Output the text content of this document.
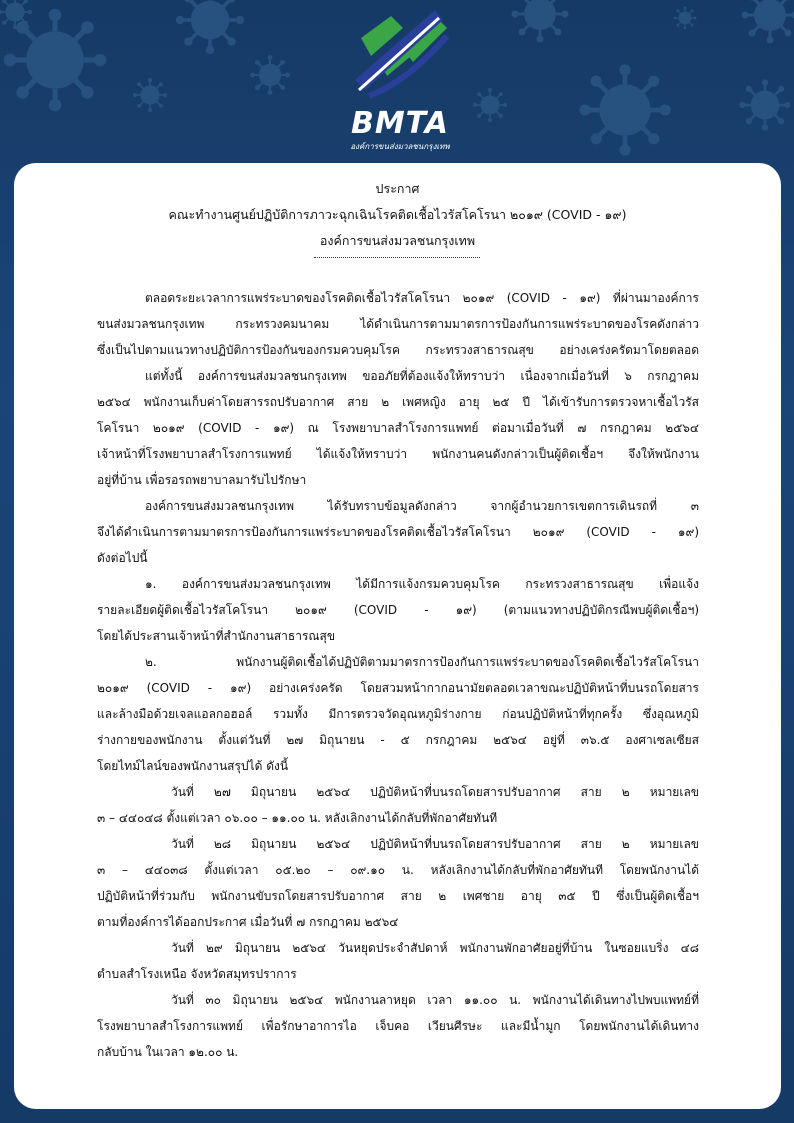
BMTA
องค์การขนส่งมวลชนกรุงเทพ
ประกาศ
คณะทำงานศูนย์ปฏิบัติการภาวะฉุกเฉินโรคติดเชื้อไวรัสโคโรนา ๒๐๑๙ (COVID - ๑๙)
องค์การขนส่งมวลชนกรุงเทพ
ตลอดระยะเวลาการแพร่ระบาดของโรคติดเชื้อไวรัสโคโรนา ๒๐๑๙ (COVID - ๑๙) ที่ผ่านมาองค์การ
ขนส่งมวลชนกรุงเทพ กระทรวงคมนาคม ได้ดำเนินการตามมาตรการป้องกันการแพร่ระบาดของโรคดังกล่าว
ซึ่งเป็นไปตามแนวทางปฏิบัติการป้องกันของกรมควบคุมโรค กระทรวงสาธารณสุข อย่างเคร่งครัดมาโดยตลอด
แต่ทั้งนี้ องค์การขนส่งมวลชนกรุงเทพ ขออภัยที่ต้องแจ้งให้ทราบว่า เนื่องจากเมื่อวันที่ ๖ กรกฎาคม
๒๕๖๔ พนักงานเก็บค่าโดยสารรถปรับอากาศ สาย ๒ เพศหญิง อายุ ๒๕ ปี ได้เข้ารับการตรวจหาเชื้อไวรัส
โคโรนา ๒๐๑๙ (COVID - ๑๙) ณ โรงพยาบาลสำโรงการแพทย์ ต่อมาเมื่อวันที่ ๗ กรกฎาคม ๒๕๖๔
เจ้าหน้าที่โรงพยาบาลสำโรงการแพทย์ ได้แจ้งให้ทราบว่า พนักงานคนดังกล่าวเป็นผู้ติดเชื้อฯ จึงให้พนักงาน
อยู่ที่บ้าน เพื่อรอรถพยาบาลมารับไปรักษา
องค์การขนส่งมวลชนกรุงเทพ ได้รับทราบข้อมูลดังกล่าว จากผู้อำนวยการเขตการเดินรถที่ ๓
จึงได้ดำเนินการตามมาตรการป้องกันการแพร่ระบาดของโรคติดเชื้อไวรัสโคโรนา ๒๐๑๙ (COVID - ๑๙)
ดังต่อไปนี้
๑. องค์การขนส่งมวลชนกรุงเทพ ได้มีการแจ้งกรมควบคุมโรค กระทรวงสาธารณสุข เพื่อแจ้ง
รายละเอียดผู้ติดเชื้อไวรัสโคโรนา ๒๐๑๙ (COVID - ๑๙) (ตามแนวทางปฏิบัติกรณีพบผู้ติดเชื้อฯ)
โดยได้ประสานเจ้าหน้าที่สำนักงานสาธารณสุข
๒. พนักงานผู้ติดเชื้อได้ปฏิบัติตามมาตรการป้องกันการแพร่ระบาดของโรคติดเชื้อไวรัสโคโรนา
๒๐๑๙ (COVID - ๑๙) อย่างเคร่งครัด โดยสวมหน้ากากอนามัยตลอดเวลาขณะปฏิบัติหน้าที่บนรถโดยสาร
และล้างมือด้วยเจลแอลกอฮอล์ รวมทั้ง มีการตรวจวัดอุณหภูมิร่างกาย ก่อนปฏิบัติหน้าที่ทุกครั้ง ซึ่งอุณหภูมิ
ร่างกายของพนักงาน ตั้งแต่วันที่ ๒๗ มิถุนายน - ๕ กรกฎาคม ๒๕๖๔ อยู่ที่ ๓๖.๕ องศาเซลเซียส
โดยไทม์ไลน์ของพนักงานสรุปได้ ดังนี้
วันที่ ๒๗ มิถุนายน ๒๕๖๔ ปฏิบัติหน้าที่บนรถโดยสารปรับอากาศ สาย ๒ หมายเลข
๓ – ๔๔๐๔๘ ตั้งแต่เวลา ๐๖.๐๐ – ๑๑.๐๐ น. หลังเลิกงานได้กลับที่พักอาศัยทันที
วันที่ ๒๘ มิถุนายน ๒๕๖๔ ปฏิบัติหน้าที่บนรถโดยสารปรับอากาศ สาย ๒ หมายเลข
๓ – ๔๔๐๓๘ ตั้งแต่เวลา ๐๕.๒๐ – ๐๙.๑๐ น. หลังเลิกงานได้กลับที่พักอาศัยทันที โดยพนักงานได้
ปฏิบัติหน้าที่ร่วมกับ พนักงานขับรถโดยสารปรับอากาศ สาย ๒ เพศชาย อายุ ๓๕ ปี ซึ่งเป็นผู้ติดเชื้อฯ
ตามที่องค์การได้ออกประกาศ เมื่อวันที่ ๗ กรกฎาคม ๒๕๖๔
วันที่ ๒๙ มิถุนายน ๒๕๖๔ วันหยุดประจำสัปดาห์ พนักงานพักอาศัยอยู่ที่บ้าน ในซอยแบริ่ง ๔๘
ตำบลสำโรงเหนือ จังหวัดสมุทรปราการ
วันที่ ๓๐ มิถุนายน ๒๕๖๔ พนักงานลาหยุด เวลา ๑๑.๐๐ น. พนักงานได้เดินทางไปพบแพทย์ที่
โรงพยาบาลสำโรงการแพทย์ เพื่อรักษาอาการไอ เจ็บคอ เวียนศีรษะ และมีน้ำมูก โดยพนักงานได้เดินทาง
กลับบ้าน ในเวลา ๑๒.๐๐ น.
